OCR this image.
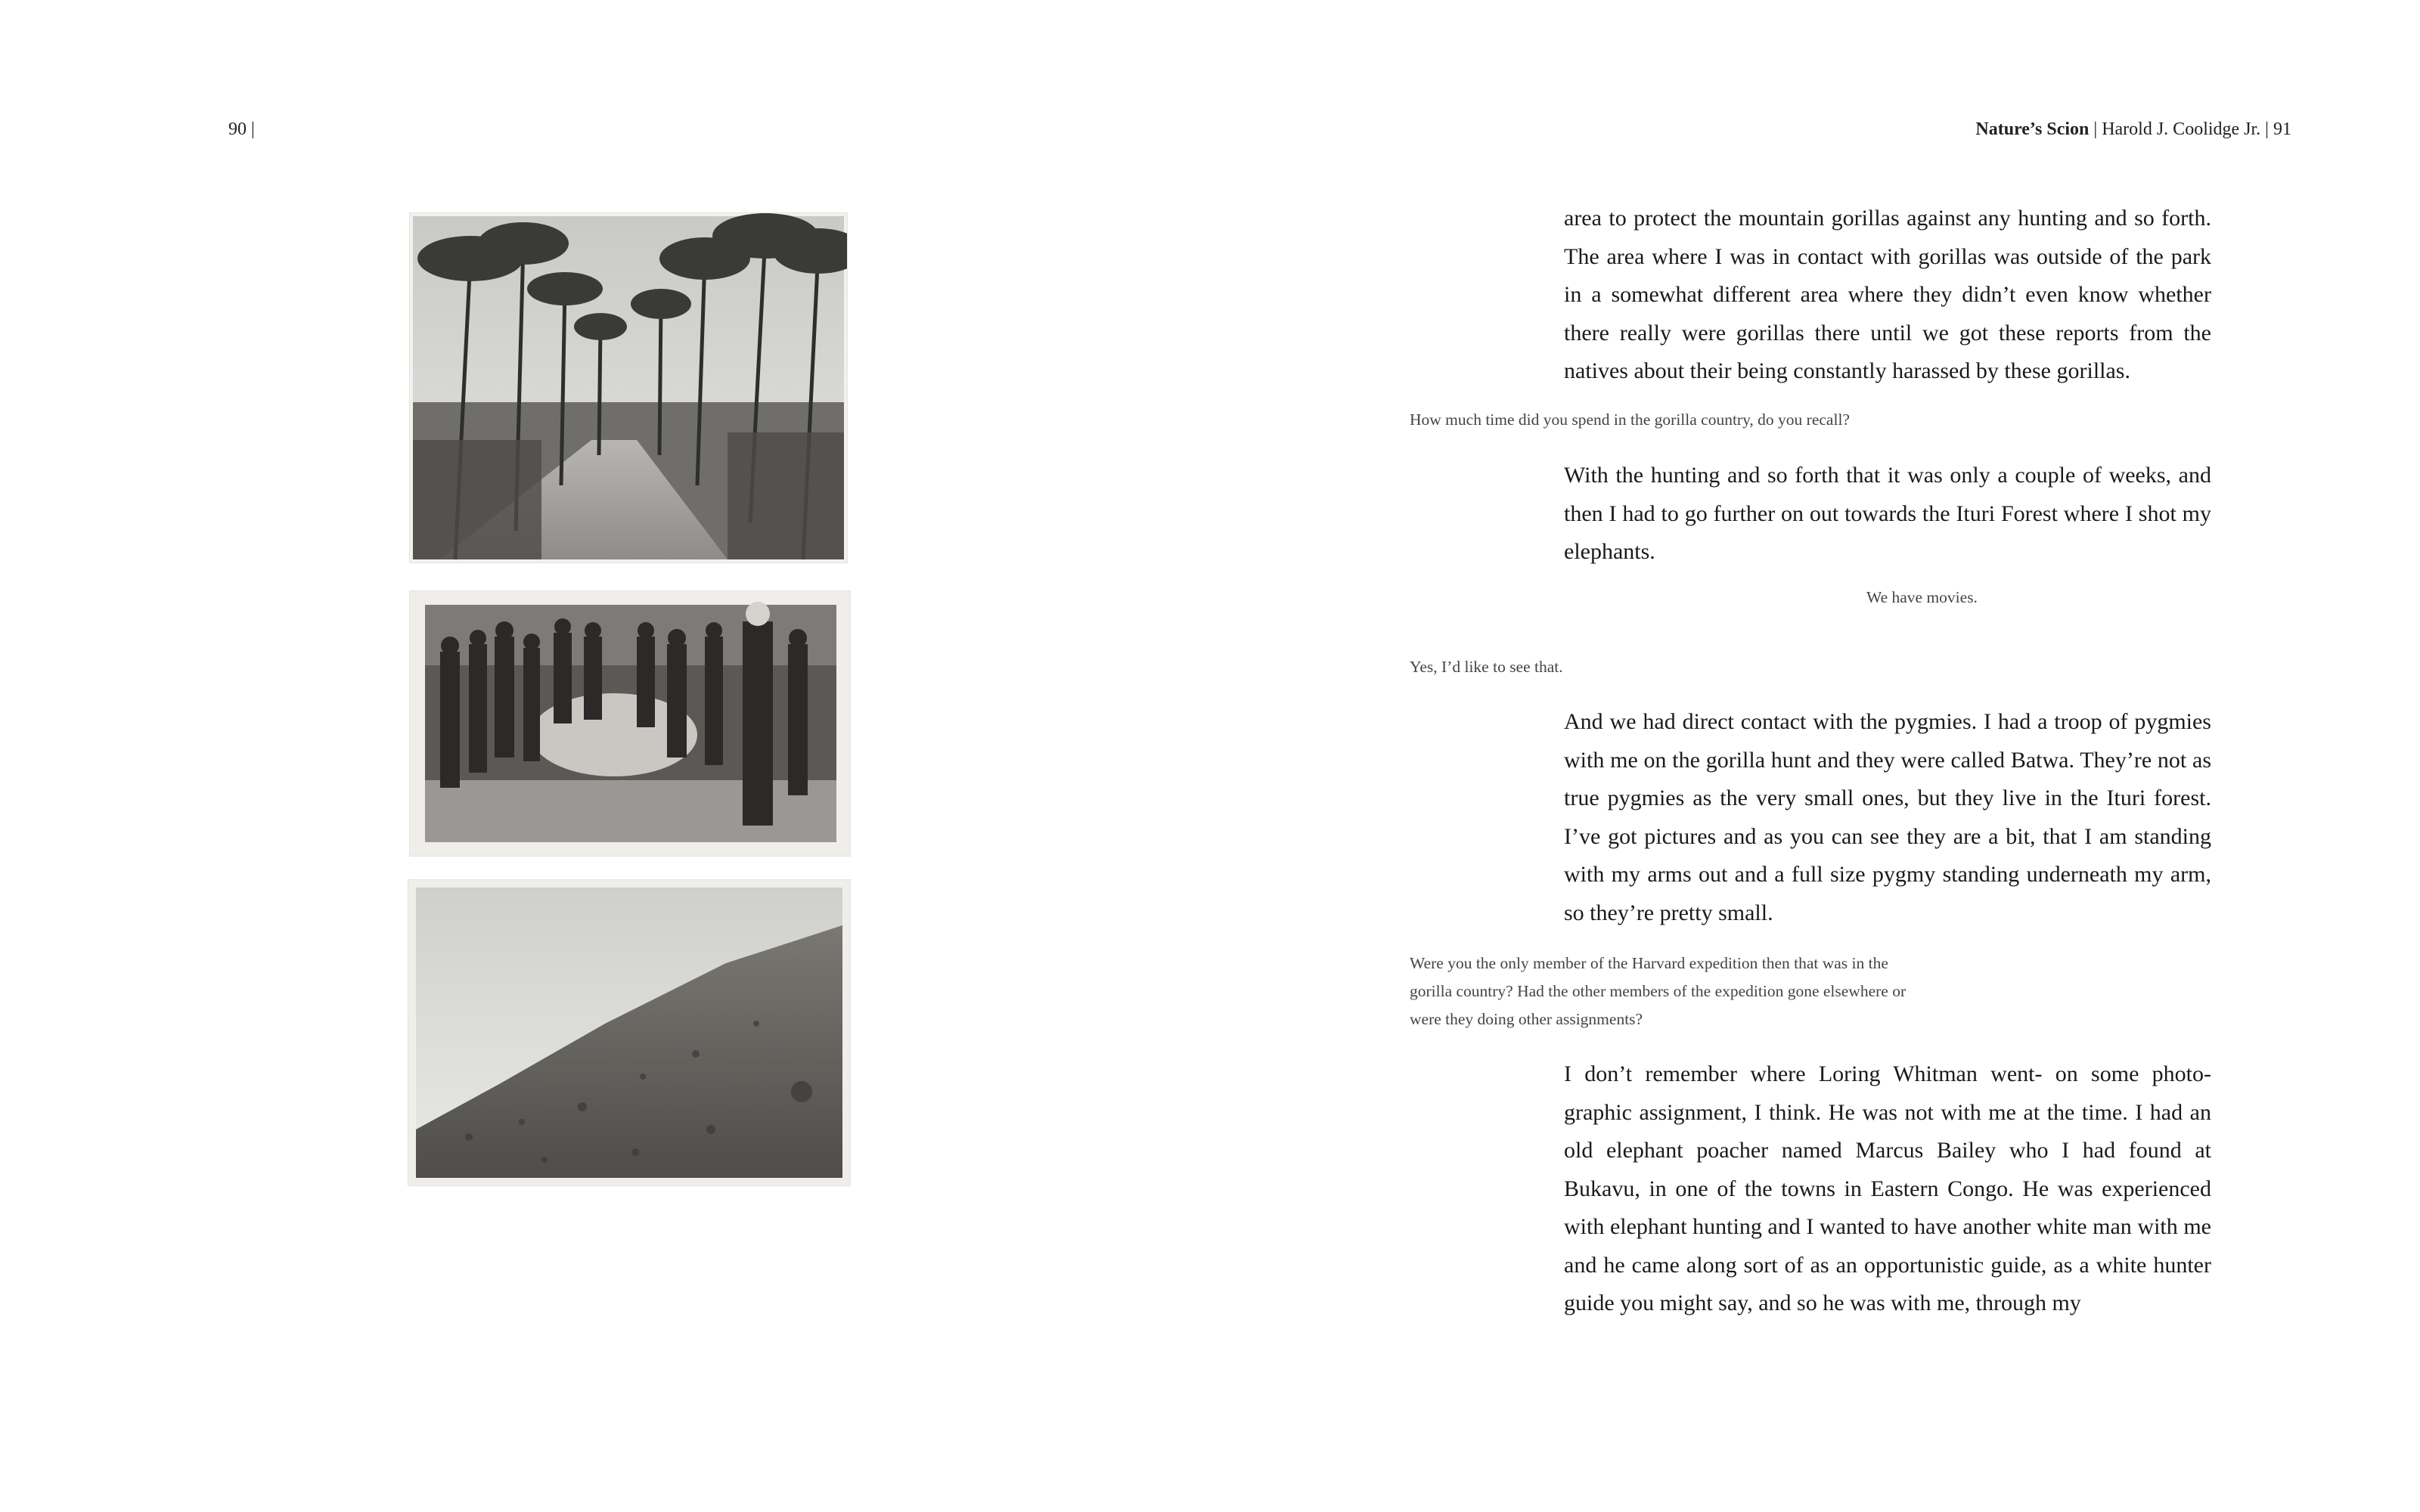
90 |	Nature’s Scion | Harold J. Coolidge Jr. | 91

area to protect the mountain gorillas against any hunting and so forth. The area where I was in contact with gorillas was outside of the park in a somewhat different area where they didn’t even know whether there really were gorillas there until we got these reports from the natives about their being constantly harassed by these gorillas.

How much time did you spend in the gorilla country, do you recall?

With the hunting and so forth that it was only a couple of weeks, and then I had to go further on out towards the Ituri Forest where I shot my elephants.

We have movies.

Yes, I’d like to see that.

And we had direct contact with the pygmies. I had a troop of pygmies with me on the gorilla hunt and they were called Batwa. They’re not as true pygmies as the very small ones, but they live in the Ituri forest. I’ve got pictures and as you can see they are a bit, that I am standing with my arms out and a full size pygmy standing underneath my arm, so they’re pretty small.

Were you the only member of the Harvard expedition then that was in the gorilla country? Had the other members of the expedition gone elsewhere or were they doing other assignments?

I don’t remember where Loring Whitman went- on some photo-graphic assignment, I think. He was not with me at the time. I had an old elephant poacher named Marcus Bailey who I had found at Bukavu, in one of the towns in Eastern Congo. He was experienced with elephant hunting and I wanted to have another white man with me and he came along sort of as an opportunistic guide, as a white hunter guide you might say, and so he was with me, through my
